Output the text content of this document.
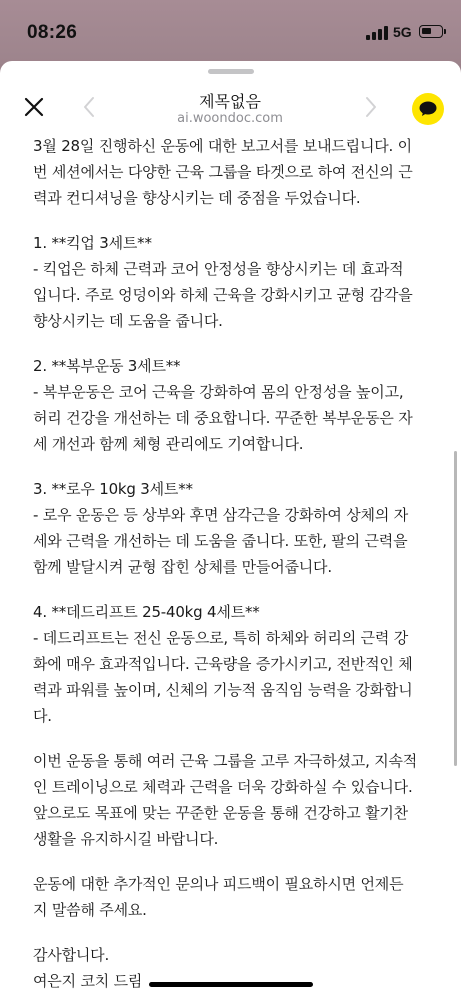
08:26	5G
제목없음
ai.woondoc.com

3월 28일 진행하신 운동에 대한 보고서를 보내드립니다. 이
번 세션에서는 다양한 근육 그룹을 타겟으로 하여 전신의 근
력과 컨디셔닝을 향상시키는 데 중점을 두었습니다.

1. **킥업 3세트**
- 킥업은 하체 근력과 코어 안정성을 향상시키는 데 효과적
입니다. 주로 엉덩이와 하체 근육을 강화시키고 균형 감각을
향상시키는 데 도움을 줍니다.

2. **복부운동 3세트**
- 복부운동은 코어 근육을 강화하여 몸의 안정성을 높이고,
허리 건강을 개선하는 데 중요합니다. 꾸준한 복부운동은 자
세 개선과 함께 체형 관리에도 기여합니다.

3. **로우 10kg 3세트**
- 로우 운동은 등 상부와 후면 삼각근을 강화하여 상체의 자
세와 근력을 개선하는 데 도움을 줍니다. 또한, 팔의 근력을
함께 발달시켜 균형 잡힌 상체를 만들어줍니다.

4. **데드리프트 25-40kg 4세트**
- 데드리프트는 전신 운동으로, 특히 하체와 허리의 근력 강
화에 매우 효과적입니다. 근육량을 증가시키고, 전반적인 체
력과 파워를 높이며, 신체의 기능적 움직임 능력을 강화합니
다.

이번 운동을 통해 여러 근육 그룹을 고루 자극하셨고, 지속적
인 트레이닝으로 체력과 근력을 더욱 강화하실 수 있습니다.
앞으로도 목표에 맞는 꾸준한 운동을 통해 건강하고 활기찬
생활을 유지하시길 바랍니다.

운동에 대한 추가적인 문의나 피드백이 필요하시면 언제든
지 말씀해 주세요.

감사합니다.
여은지 코치 드림
